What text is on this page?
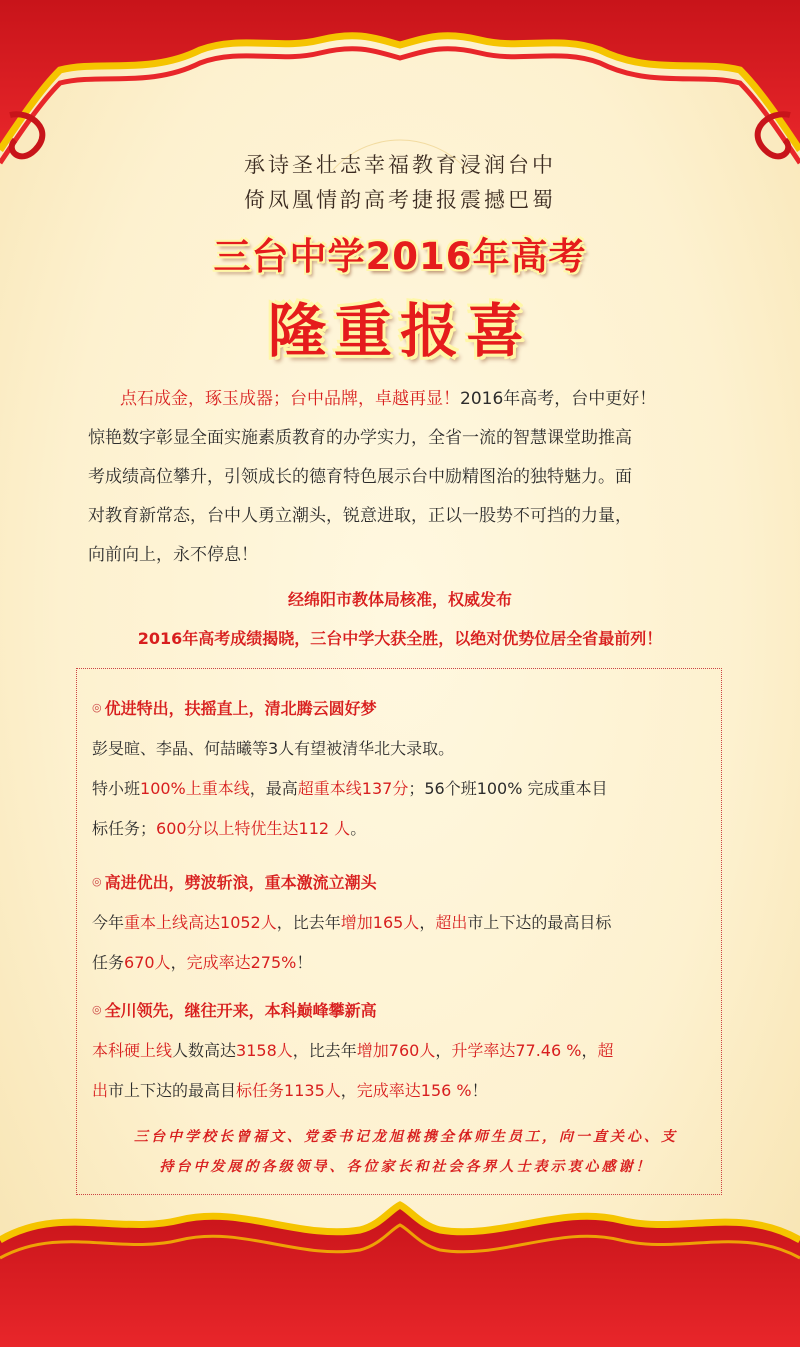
承诗圣壮志幸福教育浸润台中
倚凤凰情韵高考捷报震撼巴蜀
三台中学2016年高考
隆重报喜
点石成金，琢玉成器；台中品牌，卓越再显！2016年高考，台中更好！
惊艳数字彰显全面实施素质教育的办学实力，全省一流的智慧课堂助推高
考成绩高位攀升，引领成长的德育特色展示台中励精图治的独特魅力。面
对教育新常态，台中人勇立潮头，锐意进取，正以一股势不可挡的力量，
向前向上，永不停息！
经绵阳市教体局核准，权威发布
2016年高考成绩揭晓，三台中学大获全胜，以绝对优势位居全省最前列！
◎ 优进特出，扶摇直上，清北腾云圆好梦
彭旻暄、李晶、何喆曦等3人有望被清华北大录取。
特小班100%上重本线，最高超重本线137分；56个班100% 完成重本目
标任务；600分以上特优生达112 人。
◎ 高进优出，劈波斩浪，重本激流立潮头
今年重本上线高达1052人，比去年增加165人，超出市上下达的最高目标
任务670人，完成率达275%！
◎ 全川领先，继往开来，本科巅峰攀新高
本科硬上线人数高达3158人，比去年增加760人，升学率达77.46 %，超
出市上下达的最高目标任务1135人，完成率达156 %！
三台中学校长曾福文、党委书记龙旭桃携全体师生员工，向一直关心、支
持台中发展的各级领导、各位家长和社会各界人士表示衷心感谢！
